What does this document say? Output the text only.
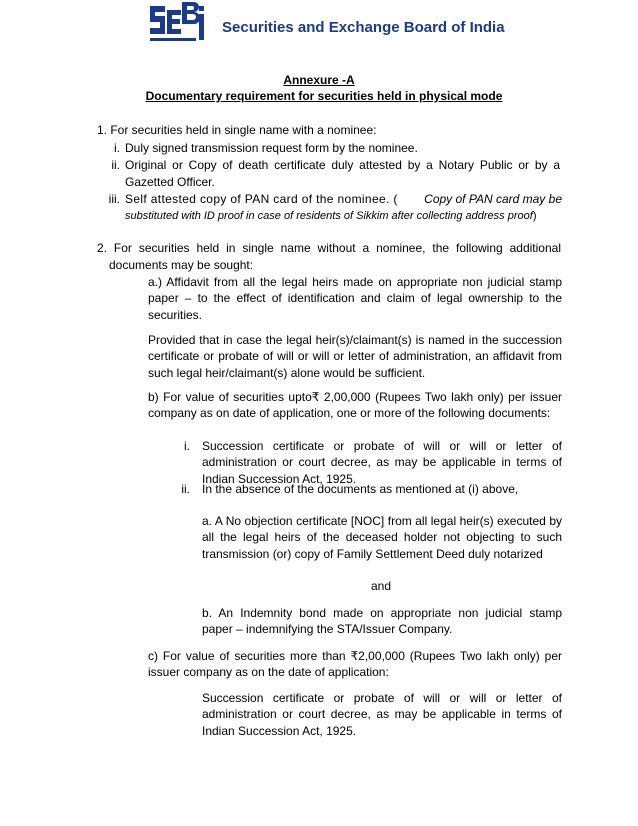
Securities and Exchange Board of India
Annexure -A
Documentary requirement for securities held in physical mode
1. For securities held in single name with a nominee:
i. Duly signed transmission request form by the nominee.
ii. Original or Copy of death certificate duly attested by a Notary Public or by a
Gazetted Officer.
iii. Self attested copy of PAN card of the nominee. ( Copy of PAN card may be
substituted with ID proof in case of residents of Sikkim after collecting address proof)
2. For securities held in single name without a nominee, the following additional
documents may be sought:

a.) Affidavit from all the legal heirs made on appropriate non judicial stamp paper – to the effect of identification and claim of legal ownership to the securities.

Provided that in case the legal heir(s)/claimant(s) is named in the succession certificate or probate of will or will or letter of administration, an affidavit from such legal heir/claimant(s) alone would be sufficient.

b) For value of securities upto₹ 2,00,000 (Rupees Two lakh only) per issuer company as on date of application, one or more of the following documents:

i. Succession certificate or probate of will or will or letter of administration or court decree, as may be applicable in terms of Indian Succession Act, 1925.

ii. In the absence of the documents as mentioned at (i) above,

a. A No objection certificate [NOC] from all legal heir(s) executed by all the legal heirs of the deceased holder not objecting to such transmission (or) copy of Family Settlement Deed duly notarized

and

b. An Indemnity bond made on appropriate non judicial stamp paper – indemnifying the STA/Issuer Company.

c) For value of securities more than ₹2,00,000 (Rupees Two lakh only) per issuer company as on the date of application:

Succession certificate or probate of will or will or letter of administration or court decree, as may be applicable in terms of Indian Succession Act, 1925.
